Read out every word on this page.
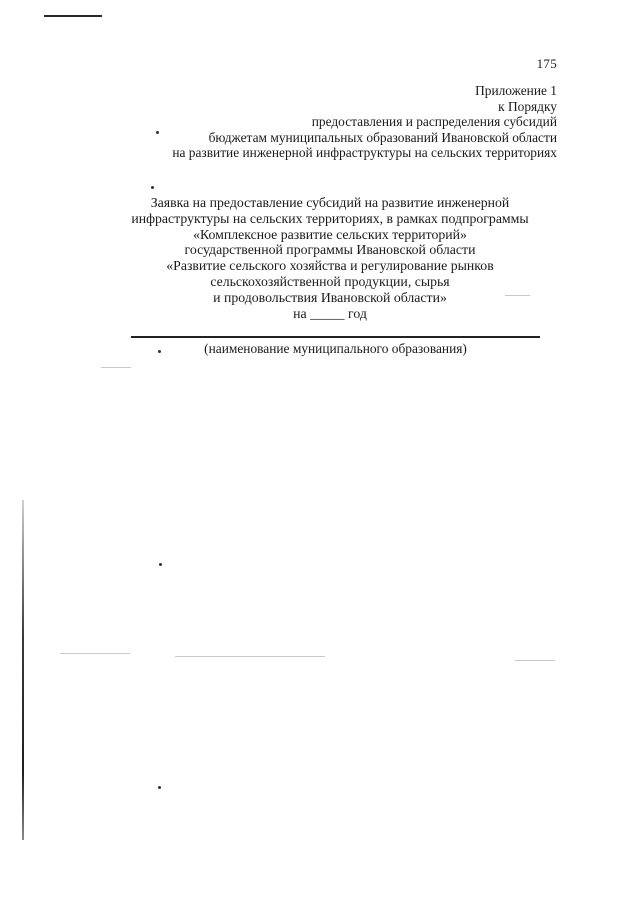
175
Приложение 1
к Порядку
предоставления и распределения субсидий
бюджетам муниципальных образований Ивановской области
на развитие инженерной инфраструктуры на сельских территориях
Заявка на предоставление субсидий на развитие инженерной
инфраструктуры на сельских территориях, в рамках подпрограммы
«Комплексное развитие сельских территорий»
государственной программы Ивановской области
«Развитие сельского хозяйства и регулирование рынков
сельскохозяйственной продукции, сырья
и продовольствия Ивановской области»
на _____ год
(наименование муниципального образования)
